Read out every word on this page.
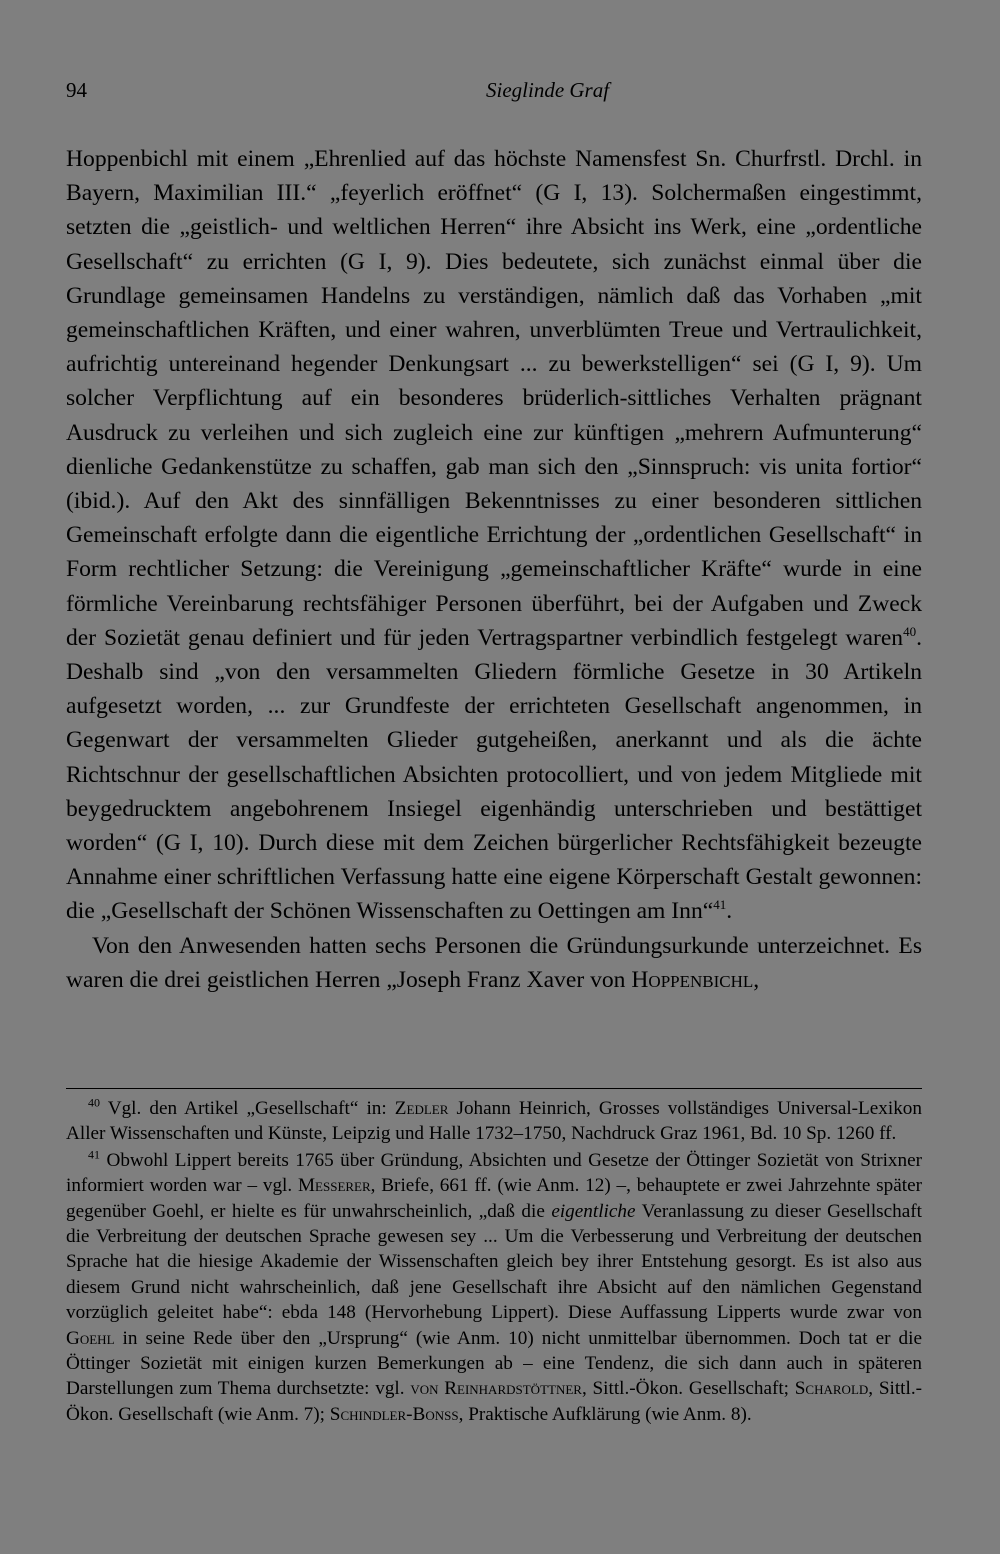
94	Sieglinde Graf

Hoppenbichl mit einem „Ehrenlied auf das höchste Namensfest Sn. Churfrstl. Drchl. in Bayern, Maximilian III.“ „feyerlich eröffnet“ (G I, 13). Solchermaßen eingestimmt, setzten die „geistlich- und weltlichen Herren“ ihre Absicht ins Werk, eine „ordentliche Gesellschaft“ zu errichten (G I, 9). Dies bedeutete, sich zunächst einmal über die Grundlage gemeinsamen Handelns zu verständigen, nämlich daß das Vorhaben „mit gemeinschaftlichen Kräften, und einer wahren, unverblümten Treue und Vertraulichkeit, aufrichtig untereinand hegender Denkungsart ... zu bewerkstelligen“ sei (G I, 9). Um solcher Verpflichtung auf ein besonderes brüderlich-sittliches Verhalten prägnant Ausdruck zu verleihen und sich zugleich eine zur künftigen „mehrern Aufmunterung“ dienliche Gedankenstütze zu schaffen, gab man sich den „Sinnspruch: vis unita fortior“ (ibid.). Auf den Akt des sinnfälligen Bekenntnisses zu einer besonderen sittlichen Gemeinschaft erfolgte dann die eigentliche Errichtung der „ordentlichen Gesellschaft“ in Form rechtlicher Setzung: die Vereinigung „gemeinschaftlicher Kräfte“ wurde in eine förmliche Vereinbarung rechtsfähiger Personen überführt, bei der Aufgaben und Zweck der Sozietät genau definiert und für jeden Vertragspartner verbindlich festgelegt waren$^{40}$. Deshalb sind „von den versammelten Gliedern förmliche Gesetze in 30 Artikeln aufgesetzt worden, ... zur Grundfeste der errichteten Gesellschaft angenommen, in Gegenwart der versammelten Glieder gutgeheißen, anerkannt und als die ächte Richtschnur der gesellschaftlichen Absichten protocolliert, und von jedem Mitgliede mit beygedrucktem angebohrenem Insiegel eigenhändig unterschrieben und bestättiget worden“ (G I, 10). Durch diese mit dem Zeichen bürgerlicher Rechtsfähigkeit bezeugte Annahme einer schriftlichen Verfassung hatte eine eigene Körperschaft Gestalt gewonnen: die „Gesellschaft der Schönen Wissenschaften zu Oettingen am Inn“$^{41}$.

Von den Anwesenden hatten sechs Personen die Gründungsurkunde unterzeichnet. Es waren die drei geistlichen Herren „Joseph Franz Xaver von Hoppenbichl,

$^{40}$ Vgl. den Artikel „Gesellschaft“ in: Zedler Johann Heinrich, Grosses vollständiges Universal-Lexikon Aller Wissenschaften und Künste, Leipzig und Halle 1732–1750, Nachdruck Graz 1961, Bd. 10 Sp. 1260 ff.

$^{41}$ Obwohl Lippert bereits 1765 über Gründung, Absichten und Gesetze der Öttinger Sozietät von Strixner informiert worden war – vgl. Messerer, Briefe, 661 ff. (wie Anm. 12) –, behauptete er zwei Jahrzehnte später gegenüber Goehl, er hielte es für unwahrscheinlich, „daß die eigentliche Veranlassung zu dieser Gesellschaft die Verbreitung der deutschen Sprache gewesen sey ... Um die Verbesserung und Verbreitung der deutschen Sprache hat die hiesige Akademie der Wissenschaften gleich bey ihrer Entstehung gesorgt. Es ist also aus diesem Grund nicht wahrscheinlich, daß jene Gesellschaft ihre Absicht auf den nämlichen Gegenstand vorzüglich geleitet habe“: ebda 148 (Hervorhebung Lippert). Diese Auffassung Lipperts wurde zwar von Goehl in seine Rede über den „Ursprung“ (wie Anm. 10) nicht unmittelbar übernommen. Doch tat er die Öttinger Sozietät mit einigen kurzen Bemerkungen ab – eine Tendenz, die sich dann auch in späteren Darstellungen zum Thema durchsetzte: vgl. von Reinhardstöttner, Sittl.-Ökon. Gesellschaft; Scharold, Sittl.-Ökon. Gesellschaft (wie Anm. 7); Schindler-Bonss, Praktische Aufklärung (wie Anm. 8).
